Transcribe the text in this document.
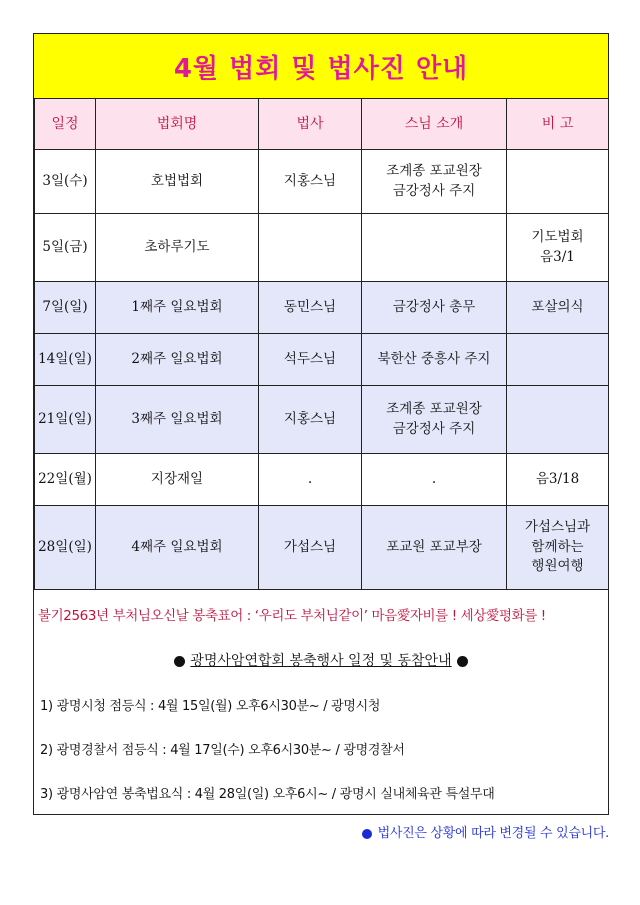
4월 법회 및 법사진 안내
일정	법회명	법사	스님 소개	비 고
3일(수)	호법법회	지홍스님	조계종 포교원장
금강정사 주지	

5일(금)	초하루기도			기도법회
음3/1

7일(일)	1째주 일요법회	동민스님	금강정사 총무	포살의식
14일(일)	2째주 일요법회	석두스님	북한산 중흥사 주지	
21일(일)	3째주 일요법회	지홍스님	조계종 포교원장
금강정사 주지	

22일(월)	지장재일	.	.	음3/18
28일(일)	4째주 일요법회	가섭스님	포교원 포교부장	가섭스님과
함께하는
행원여행
불기2563년 부처님오신날 봉축표어 : ‘우리도 부처님같이’ 마음愛자비를 ! 세상愛평화를 !
광명사암연합회 봉축행사 일정 및 동참안내
1) 광명시청 점등식 : 4월 15일(월) 오후6시30분~ / 광명시청
2) 광명경찰서 점등식 : 4월 17일(수) 오후6시30분~ / 광명경찰서
3) 광명사암연 봉축법요식 : 4월 28일(일) 오후6시~ / 광명시 실내체육관 특설무대
법사진은 상황에 따라 변경될 수 있습니다.
